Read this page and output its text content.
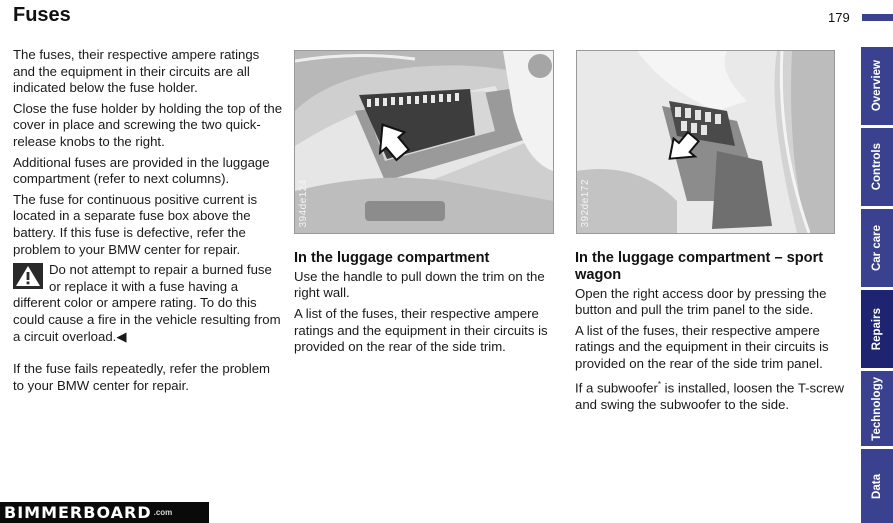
Fuses	179

The fuses, their respective ampere ratings and the equipment in their circuits are all indicated below the fuse holder.

Close the fuse holder by holding the top of the cover in place and screwing the two quick-release knobs to the right.

Additional fuses are provided in the luggage compartment (refer to next columns).

The fuse for continuous positive current is located in a separate fuse box above the battery. If this fuse is defective, refer the problem to your BMW center for repair.

Do not attempt to repair a burned fuse or replace it with a fuse having a different color or ampere rating. To do this could cause a fire in the vehicle resulting from a circuit overload.◀

If the fuse fails repeatedly, refer the problem to your BMW center for repair.

394de124	392de172
In the luggage compartment

Use the handle to pull down the trim on the right wall.

A list of the fuses, their respective ampere ratings and the equipment in their circuits is provided on the rear of the side trim.

In the luggage compartment – sport wagon

Open the right access door by pressing the button and pull the trim panel to the side.

A list of the fuses, their respective ampere ratings and the equipment in their circuits is provided on the rear of the side trim panel.

If a subwoofer* is installed, loosen the T-screw and swing the subwoofer to the side.

Overview
Controls
Car care
Repairs
Technology
Data
BIMMERBOARD .com
